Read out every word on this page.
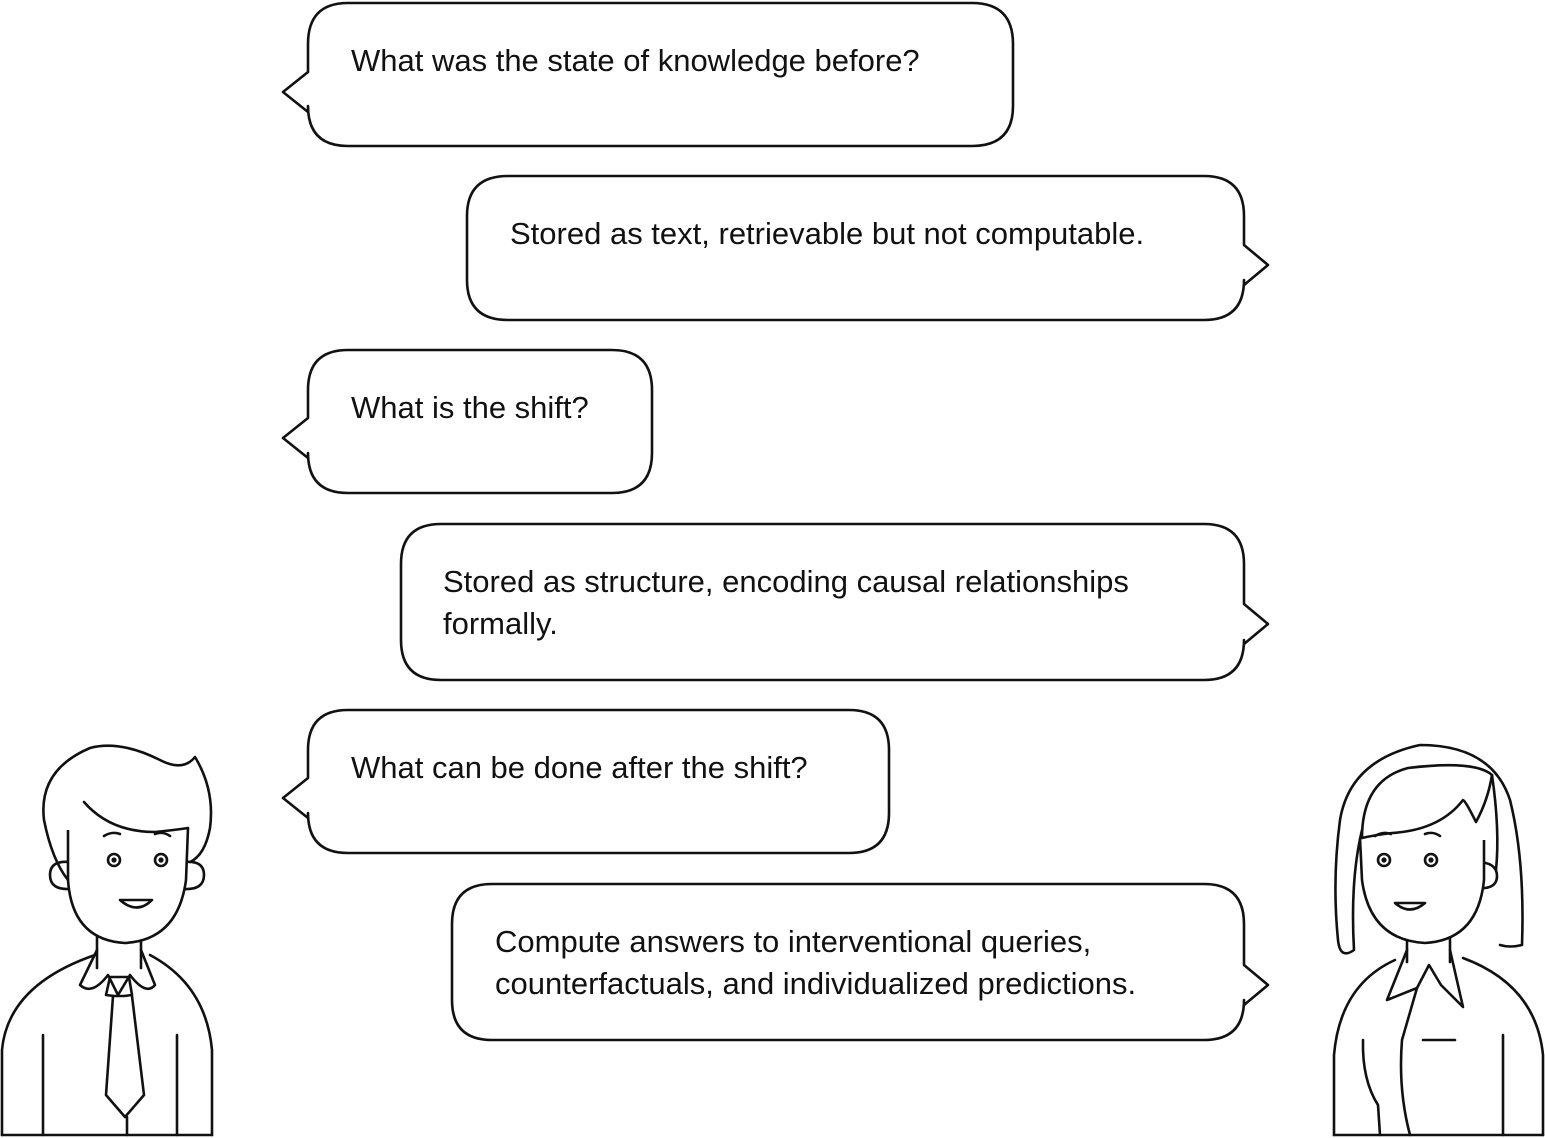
What was the state of knowledge before?
Stored as text, retrievable but not computable.
What is the shift?
Stored as structure, encoding causal relationships
formally.
What can be done after the shift?
Compute answers to interventional queries,
counterfactuals, and individualized predictions.
